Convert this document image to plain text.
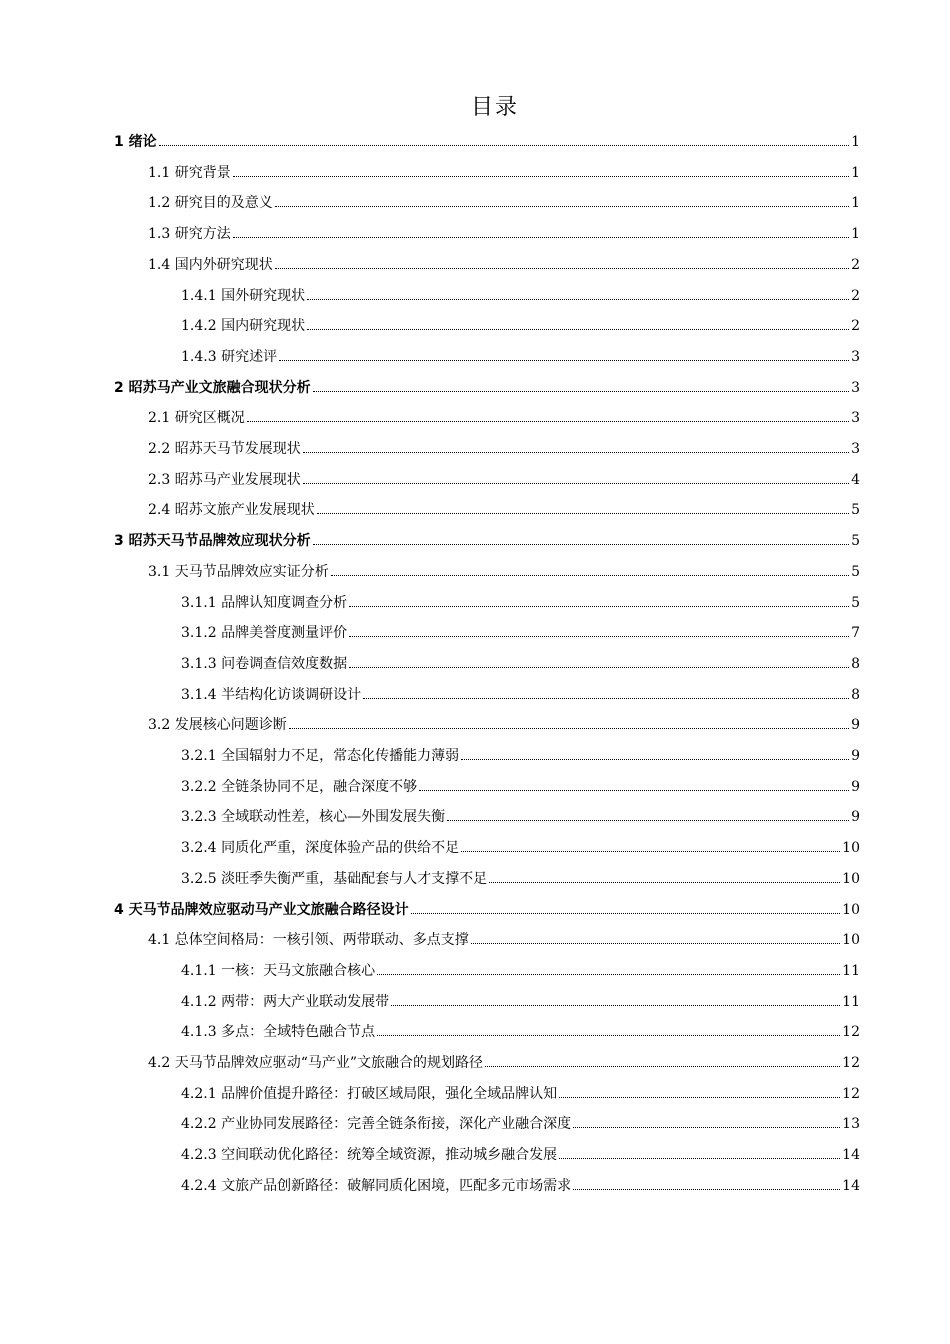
目录
1 绪论	1
1.1 研究背景	1
1.2 研究目的及意义	1
1.3 研究方法	1
1.4 国内外研究现状	2
1.4.1 国外研究现状	2
1.4.2 国内研究现状	2
1.4.3 研究述评	3
2 昭苏马产业文旅融合现状分析	3
2.1 研究区概况	3
2.2 昭苏天马节发展现状	3
2.3 昭苏马产业发展现状	4
2.4 昭苏文旅产业发展现状	5
3 昭苏天马节品牌效应现状分析	5
3.1 天马节品牌效应实证分析	5
3.1.1 品牌认知度调查分析	5
3.1.2 品牌美誉度测量评价	7
3.1.3 问卷调查信效度数据	8
3.1.4 半结构化访谈调研设计	8
3.2 发展核心问题诊断	9
3.2.1 全国辐射力不足，常态化传播能力薄弱	9
3.2.2 全链条协同不足，融合深度不够	9
3.2.3 全域联动性差，核心—外围发展失衡	9
3.2.4 同质化严重，深度体验产品的供给不足	10
3.2.5 淡旺季失衡严重，基础配套与人才支撑不足	10
4 天马节品牌效应驱动马产业文旅融合路径设计	10
4.1 总体空间格局：一核引领、两带联动、多点支撑	10
4.1.1 一核：天马文旅融合核心	11
4.1.2 两带：两大产业联动发展带	11
4.1.3 多点：全域特色融合节点	12
4.2 天马节品牌效应驱动“马产业”文旅融合的规划路径	12
4.2.1 品牌价值提升路径：打破区域局限，强化全域品牌认知	12
4.2.2 产业协同发展路径：完善全链条衔接，深化产业融合深度	13
4.2.3 空间联动优化路径：统筹全域资源，推动城乡融合发展	14
4.2.4 文旅产品创新路径：破解同质化困境，匹配多元市场需求	14
